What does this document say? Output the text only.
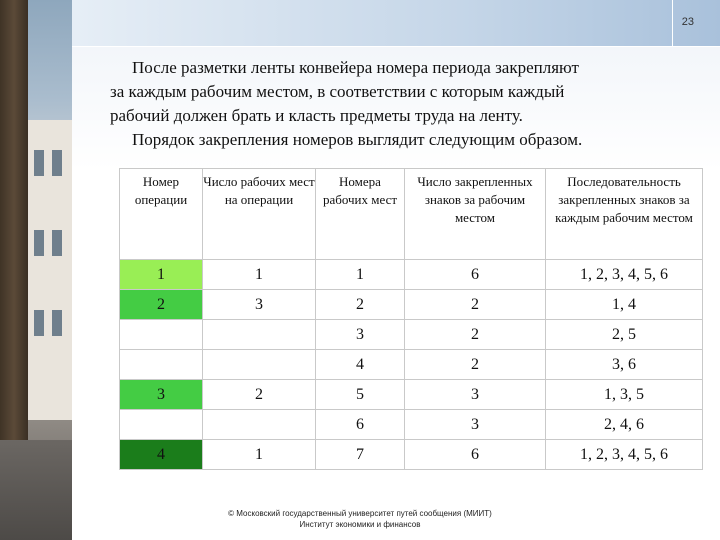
23
После разметки ленты конвейера номера периода закрепляют
за каждым рабочим местом, в соответствии с которым каждый
рабочий должен брать и класть предметы труда на ленту.
Порядок закрепления номеров выглядит следующим образом.
Номер операции	Число рабочих мест на операции	Номера рабочих мест	Число закрепленных знаков за рабочим местом	Последовательность закрепленных знаков за каждым рабочим местом
1	1	1	6	1, 2, 3, 4, 5, 6
2	3	2	2	1, 4
		3	2	2, 5
		4	2	3, 6
3	2	5	3	1, 3, 5
		6	3	2, 4, 6
4	1	7	6	1, 2, 3, 4, 5, 6
© Московский государственный университет путей сообщения (МИИТ)
Институт экономики и финансов
